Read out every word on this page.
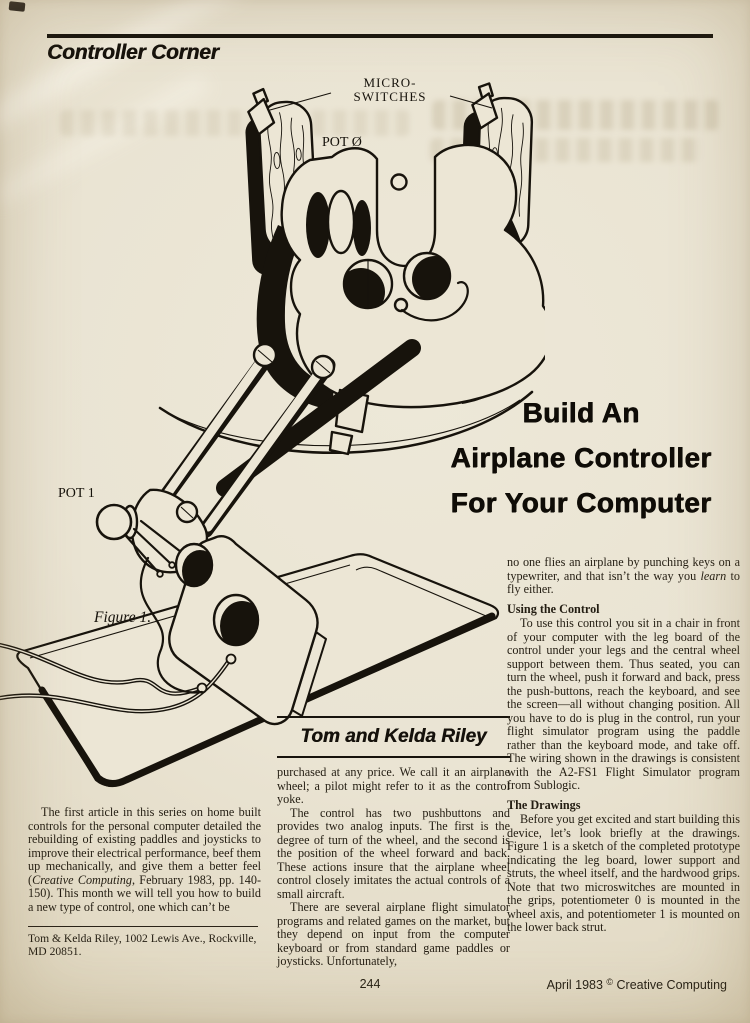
Controller Corner
MICRO-
SWITCHES
POT Ø
POT 1
Figure 1.
Build An
Airplane Controller
For Your Computer
Tom and Kelda Riley

The first article in this series on home built controls for the personal computer detailed the rebuilding of existing paddles and joysticks to improve their electrical performance, beef them up mechanically, and give them a better feel (Creative Computing, February 1983, pp. 140-150). This month we will tell you how to build a new type of control, one which can’t be

Tom & Kelda Riley, 1002 Lewis Ave., Rockville, MD 20851.

purchased at any price. We call it an airplane wheel; a pilot might refer to it as the control yoke.

The control has two pushbuttons and provides two analog inputs. The first is the degree of turn of the wheel, and the second is the position of the wheel forward and back. These actions insure that the airplane wheel control closely imitates the actual controls of a small aircraft.

There are several airplane flight simulator programs and related games on the market, but they depend on input from the computer keyboard or from standard game paddles or joysticks. Unfortunately,

no one flies an airplane by punching keys on a typewriter, and that isn’t the way you learn to fly either.

Using the Control

To use this control you sit in a chair in front of your computer with the leg board of the control under your legs and the central wheel support between them. Thus seated, you can turn the wheel, push it forward and back, press the push-buttons, reach the keyboard, and see the screen—all without changing position. All you have to do is plug in the control, run your flight simulator program using the paddle rather than the keyboard mode, and take off. The wiring shown in the drawings is consistent with the A2-FS1 Flight Simulator program from Sublogic.

The Drawings

Before you get excited and start building this device, let’s look briefly at the drawings. Figure 1 is a sketch of the completed prototype indicating the leg board, lower support and struts, the wheel itself, and the hardwood grips. Note that two microswitches are mounted in the grips, potentiometer 0 is mounted in the wheel axis, and potentiometer 1 is mounted on the lower back strut.

244	April 1983 © Creative Computing
